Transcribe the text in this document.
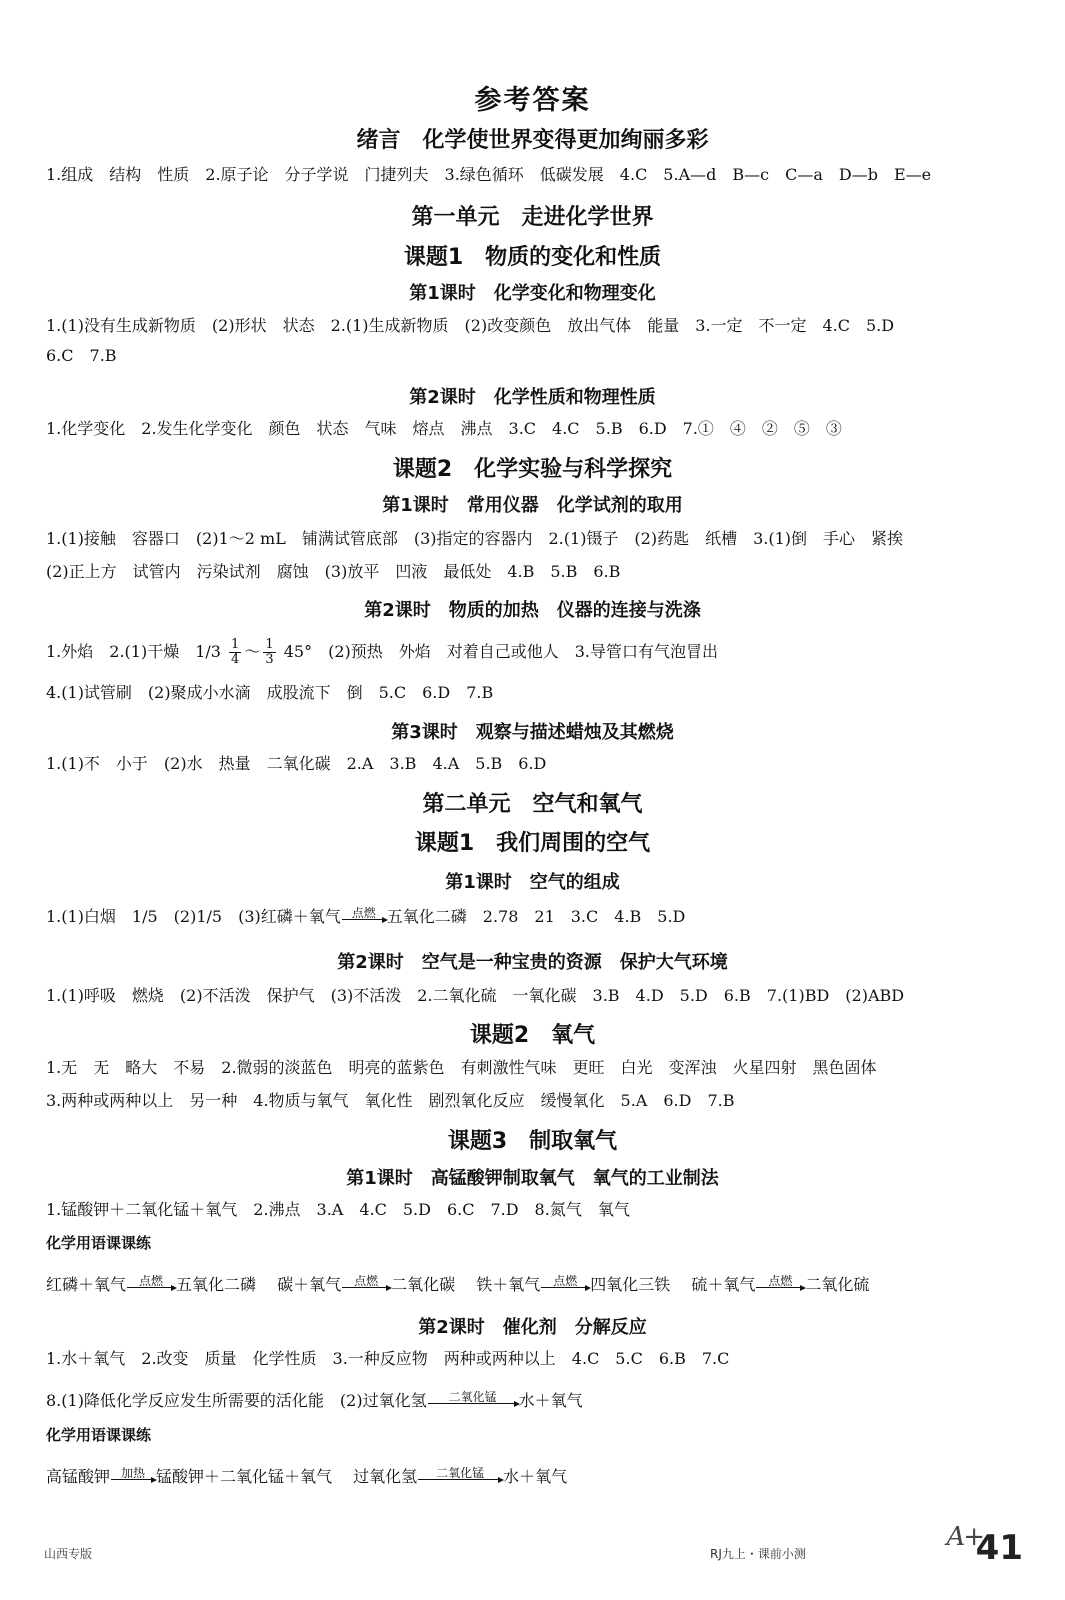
参考答案
绪言　化学使世界变得更加绚丽多彩
1.组成　结构　性质　2.原子论　分子学说　门捷列夫　3.绿色循环　低碳发展　4.C　5.A—d　B—c　C—a　D—b　E—e
第一单元　走进化学世界
课题1　物质的变化和性质
第1课时　化学变化和物理变化
1.(1)没有生成新物质　(2)形状　状态　2.(1)生成新物质　(2)改变颜色　放出气体　能量　3.一定　不一定　4.C　5.D
6.C　7.B
第2课时　化学性质和物理性质
1.化学变化　2.发生化学变化　颜色　状态　气味　熔点　沸点　3.C　4.C　5.B　6.D　7.①　④　②　⑤　③
课题2　化学实验与科学探究
第1课时　常用仪器　化学试剂的取用
1.(1)接触　容器口　(2)1～2 mL　铺满试管底部　(3)指定的容器内　2.(1)镊子　(2)药匙　纸槽　3.(1)倒　手心　紧挨
(2)正上方　试管内　污染试剂　腐蚀　(3)放平　凹液　最低处　4.B　5.B　6.B
第2课时　物质的加热　仪器的连接与洗涤
1.外焰　2.(1)干燥　$1/3 \frac{1}{4}$ ～ $\frac{1}{3} 45^\circ$　(2)预热　外焰　对着自己或他人　3.导管口有气泡冒出
4.(1)试管刷　(2)聚成小水滴　成股流下　倒　5.C　6.D　7.B
第3课时　观察与描述蜡烛及其燃烧
1.(1)不　小于　(2)水　热量　二氧化碳　2.A　3.B　4.A　5.B　6.D
第二单元　空气和氧气
课题1　我们周围的空气
第1课时　空气的组成
1.(1)白烟　1/5　(2)1/5　(3)红磷＋氧气 点燃 五氧化二磷　2.78　21　3.C　4.B　5.D
第2课时　空气是一种宝贵的资源　保护大气环境
1.(1)呼吸　燃烧　(2)不活泼　保护气　(3)不活泼　2.二氧化硫　一氧化碳　3.B　4.D　5.D　6.B　7.(1)BD　(2)ABD
课题2　氧气
1.无　无　略大　不易　2.微弱的淡蓝色　明亮的蓝紫色　有刺激性气味　更旺　白光　变浑浊　火星四射　黑色固体
3.两种或两种以上　另一种　4.物质与氧气　氧化性　剧烈氧化反应　缓慢氧化　5.A　6.D　7.B
课题3　制取氧气
第1课时　高锰酸钾制取氧气　氧气的工业制法
1.锰酸钾＋二氧化锰＋氧气　2.沸点　3.A　4.C　5.D　6.C　7.D　8.氮气　氧气
化学用语课课练
红磷＋氧气 点燃 五氧化二磷　 碳＋氧气 点燃 二氧化碳　 铁＋氧气 点燃 四氧化三铁　 硫＋氧气 点燃 二氧化硫
第2课时　催化剂　分解反应
1.水＋氧气　2.改变　质量　化学性质　3.一种反应物　两种或两种以上　4.C　5.C　6.B　7.C
8.(1)降低化学反应发生所需要的活化能　(2)过氧化氢 二氧化锰 水＋氧气
化学用语课课练
高锰酸钾 加热 锰酸钾＋二氧化锰＋氧气　 过氧化氢 二氧化锰 水＋氧气
山西专版	RJ九上・课前小测
A+
41
